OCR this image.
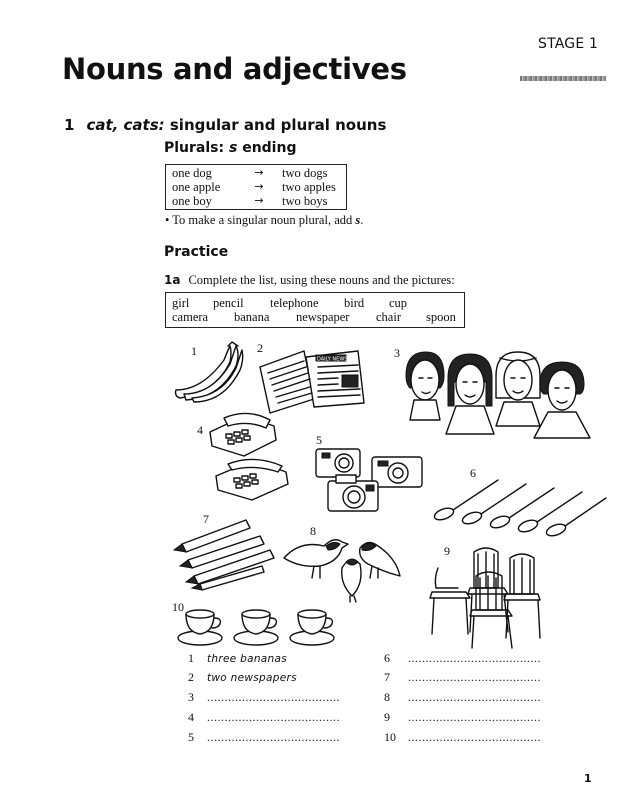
STAGE 1
Nouns and adjectives
1 cat, cats: singular and plural nouns
Plurals: s ending
one dog	→	two dogs
one apple	→	two apples
one boy	→	two boys
• To make a singular noun plural, add s.
Practice
1a Complete the list, using these nouns and the pictures:
girl pencil telephone bird cup
camera banana newspaper chair spoon
1	2	3
4
5
6
7
8
9
10
DAILY NEWS
1 three bananas
2 two newspapers
3 ......................................
4 ......................................
5 ......................................
6 ......................................
7 ......................................
8 ......................................
9 ......................................
10 ......................................
1
